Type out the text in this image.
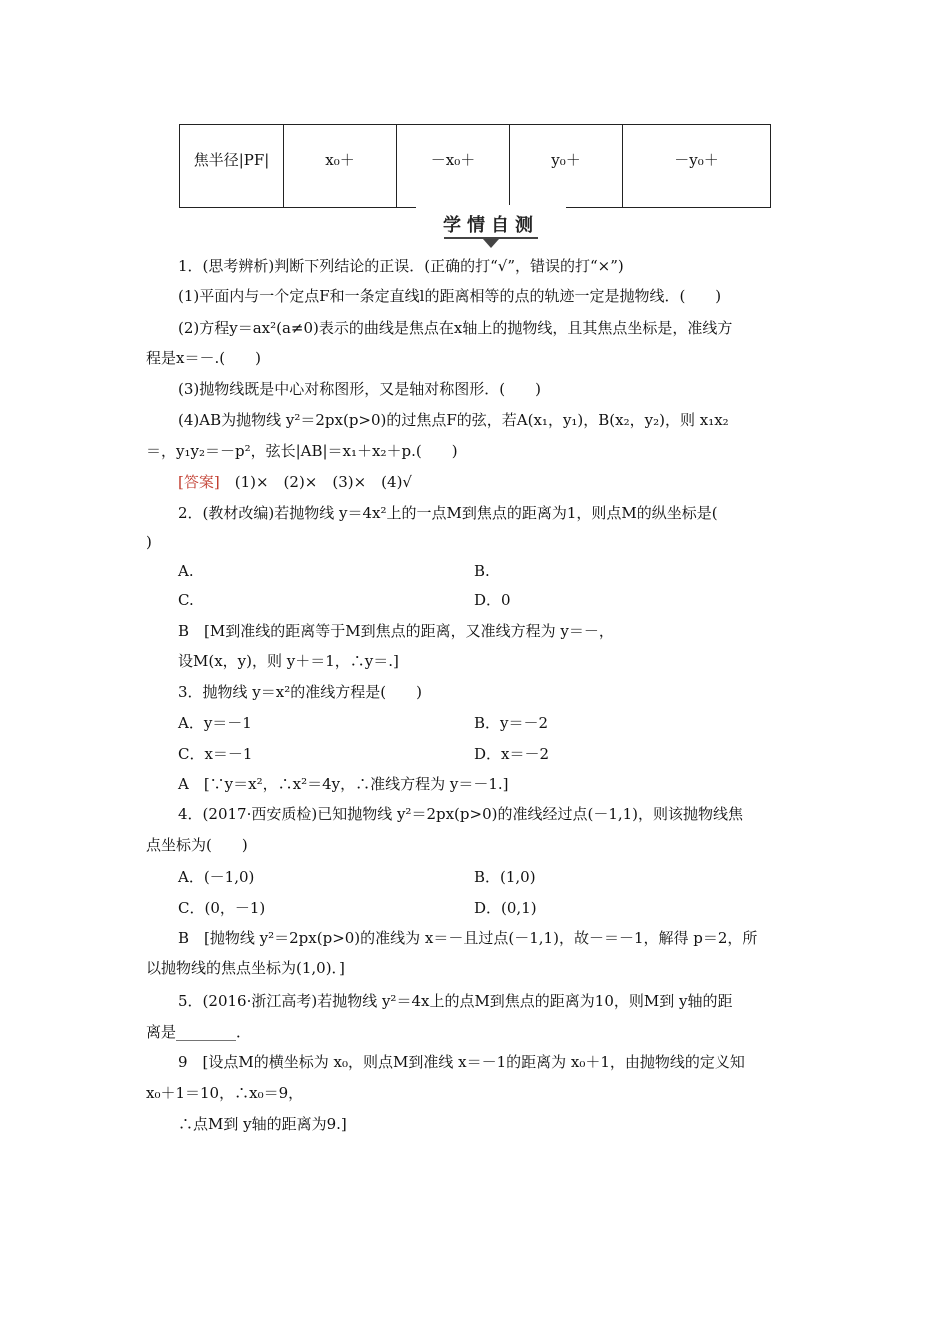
焦半径|PF|	x₀＋	－x₀＋	y₀＋	－y₀＋
学情自测
1．(思考辨析)判断下列结论的正误．(正确的打“√”，错误的打“×”)
(1)平面内与一个定点F和一条定直线l的距离相等的点的轨迹一定是抛物线．(　　)
(2)方程y＝ax²(a≠0)表示的曲线是焦点在x轴上的抛物线，且其焦点坐标是，准线方
程是x＝－.(　　)
(3)抛物线既是中心对称图形，又是轴对称图形．(　　)
(4)AB为抛物线 y²＝2px(p>0)的过焦点F的弦，若A(x₁，y₁)，B(x₂，y₂)，则 x₁x₂
＝，y₁y₂＝－p²，弦长|AB|＝x₁＋x₂＋p.(　　)
[答案]　 (1)×　(2)×　(3)×　(4)√
2．(教材改编)若抛物线 y＝4x²上的一点M到焦点的距离为1，则点M的纵坐标是(
)
A.	B.
C.	D．0
B　[M到准线的距离等于M到焦点的距离，又准线方程为 y＝－，
设M(x，y)，则 y＋＝1，∴y＝.]
3．抛物线 y＝x²的准线方程是(　　)
A．y＝－1	B．y＝－2
C．x＝－1	D．x＝－2
A　[∵y＝x²，∴x²＝4y，∴准线方程为 y＝－1.]
4．(2017·西安质检)已知抛物线 y²＝2px(p>0)的准线经过点(－1,1)，则该抛物线焦
点坐标为(　　)
A．(－1,0)	B．(1,0)
C．(0，－1)	D．(0,1)
B　[抛物线 y²＝2px(p>0)的准线为 x＝－且过点(－1,1)，故－＝－1，解得 p＝2，所
以抛物线的焦点坐标为(1,0)．]
5．(2016·浙江高考)若抛物线 y²＝4x上的点M到焦点的距离为10，则M到 y轴的距
离是________．
9　[设点M的横坐标为 x₀，则点M到准线 x＝－1的距离为 x₀＋1，由抛物线的定义知
x₀＋1＝10，∴x₀＝9，
∴点M到 y轴的距离为9.]
